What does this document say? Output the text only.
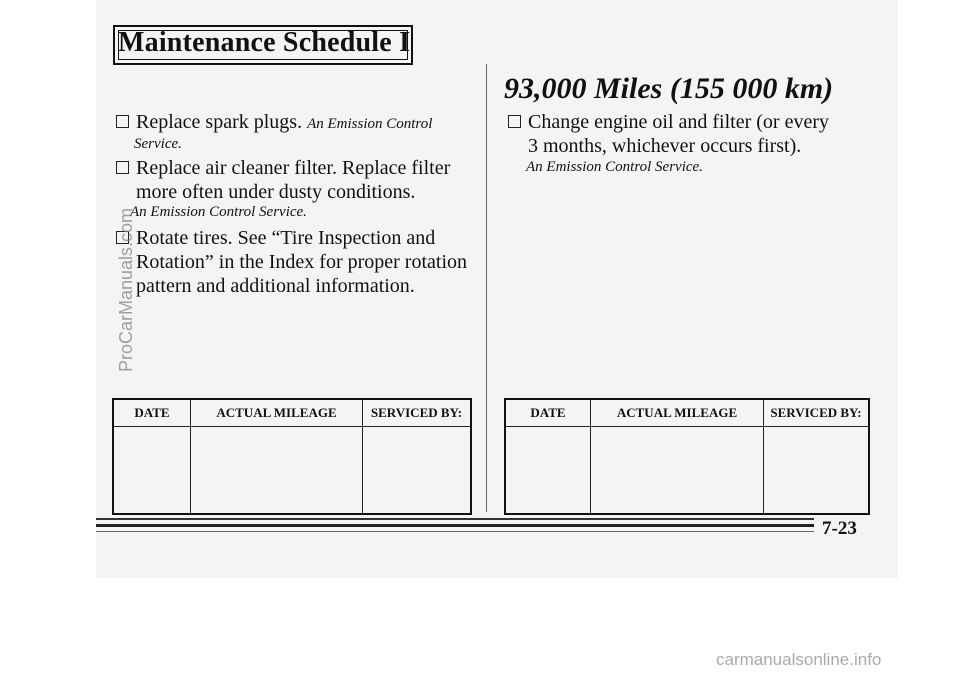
Maintenance Schedule I
Replace spark plugs. An Emission Control
Service.
Replace air cleaner filter. Replace filter
more often under dusty conditions.
An Emission Control Service.
Rotate tires. See “Tire Inspection and
Rotation” in the Index for proper rotation
pattern and additional information.
DATE	ACTUAL MILEAGE	SERVICED BY:

93,000 Miles (155 000 km)
Change engine oil and filter (or every
3 months, whichever occurs first).
An Emission Control Service.
DATE	ACTUAL MILEAGE	SERVICED BY:

7-23
ProCarManuals.com
carmanualsonline.info
